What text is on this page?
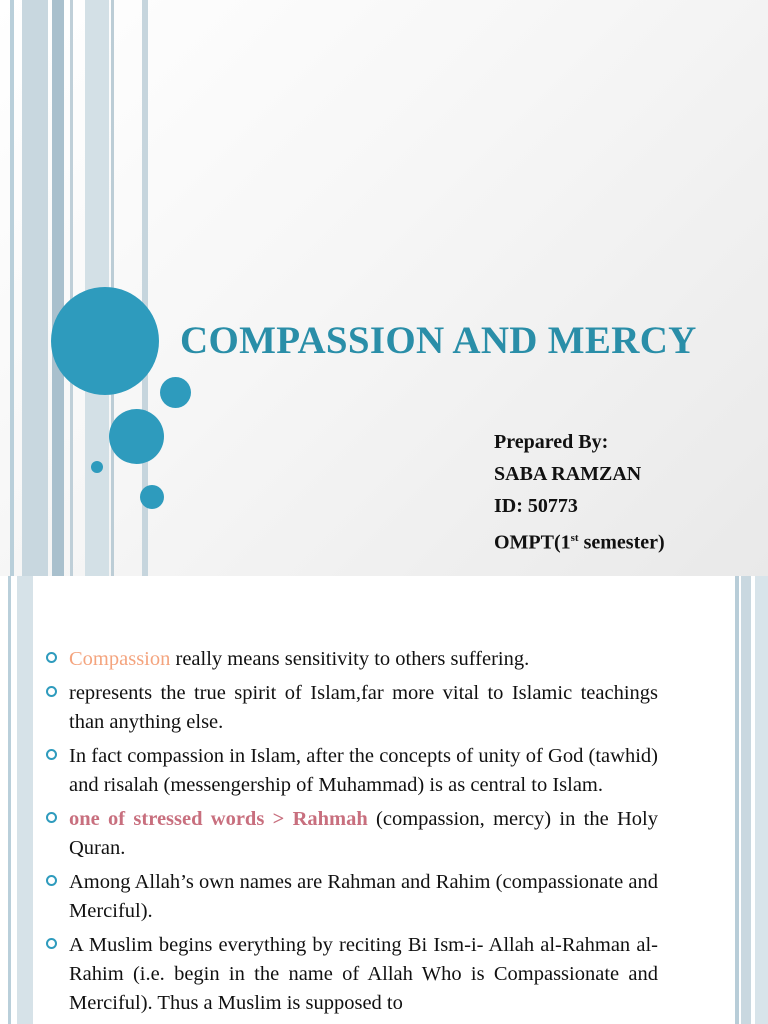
COMPASSION AND MERCY
Prepared By:
SABA RAMZAN
ID: 50773
OMPT(1st semester)
Compassion really means sensitivity to others suffering.
represents the true spirit of Islam,far more vital to Islamic teachings than anything else.
In fact compassion in Islam, after the concepts of unity of God (tawhid) and risalah (messengership of Muhammad) is as central to Islam.
one of stressed words > Rahmah (compassion, mercy) in the Holy Quran.
Among Allah’s own names are Rahman and Rahim (compassionate and Merciful).
A Muslim begins everything by reciting Bi Ism-i- Allah al-Rahman al-Rahim (i.e. begin in the name of Allah Who is Compassionate and Merciful). Thus a Muslim is supposed to
